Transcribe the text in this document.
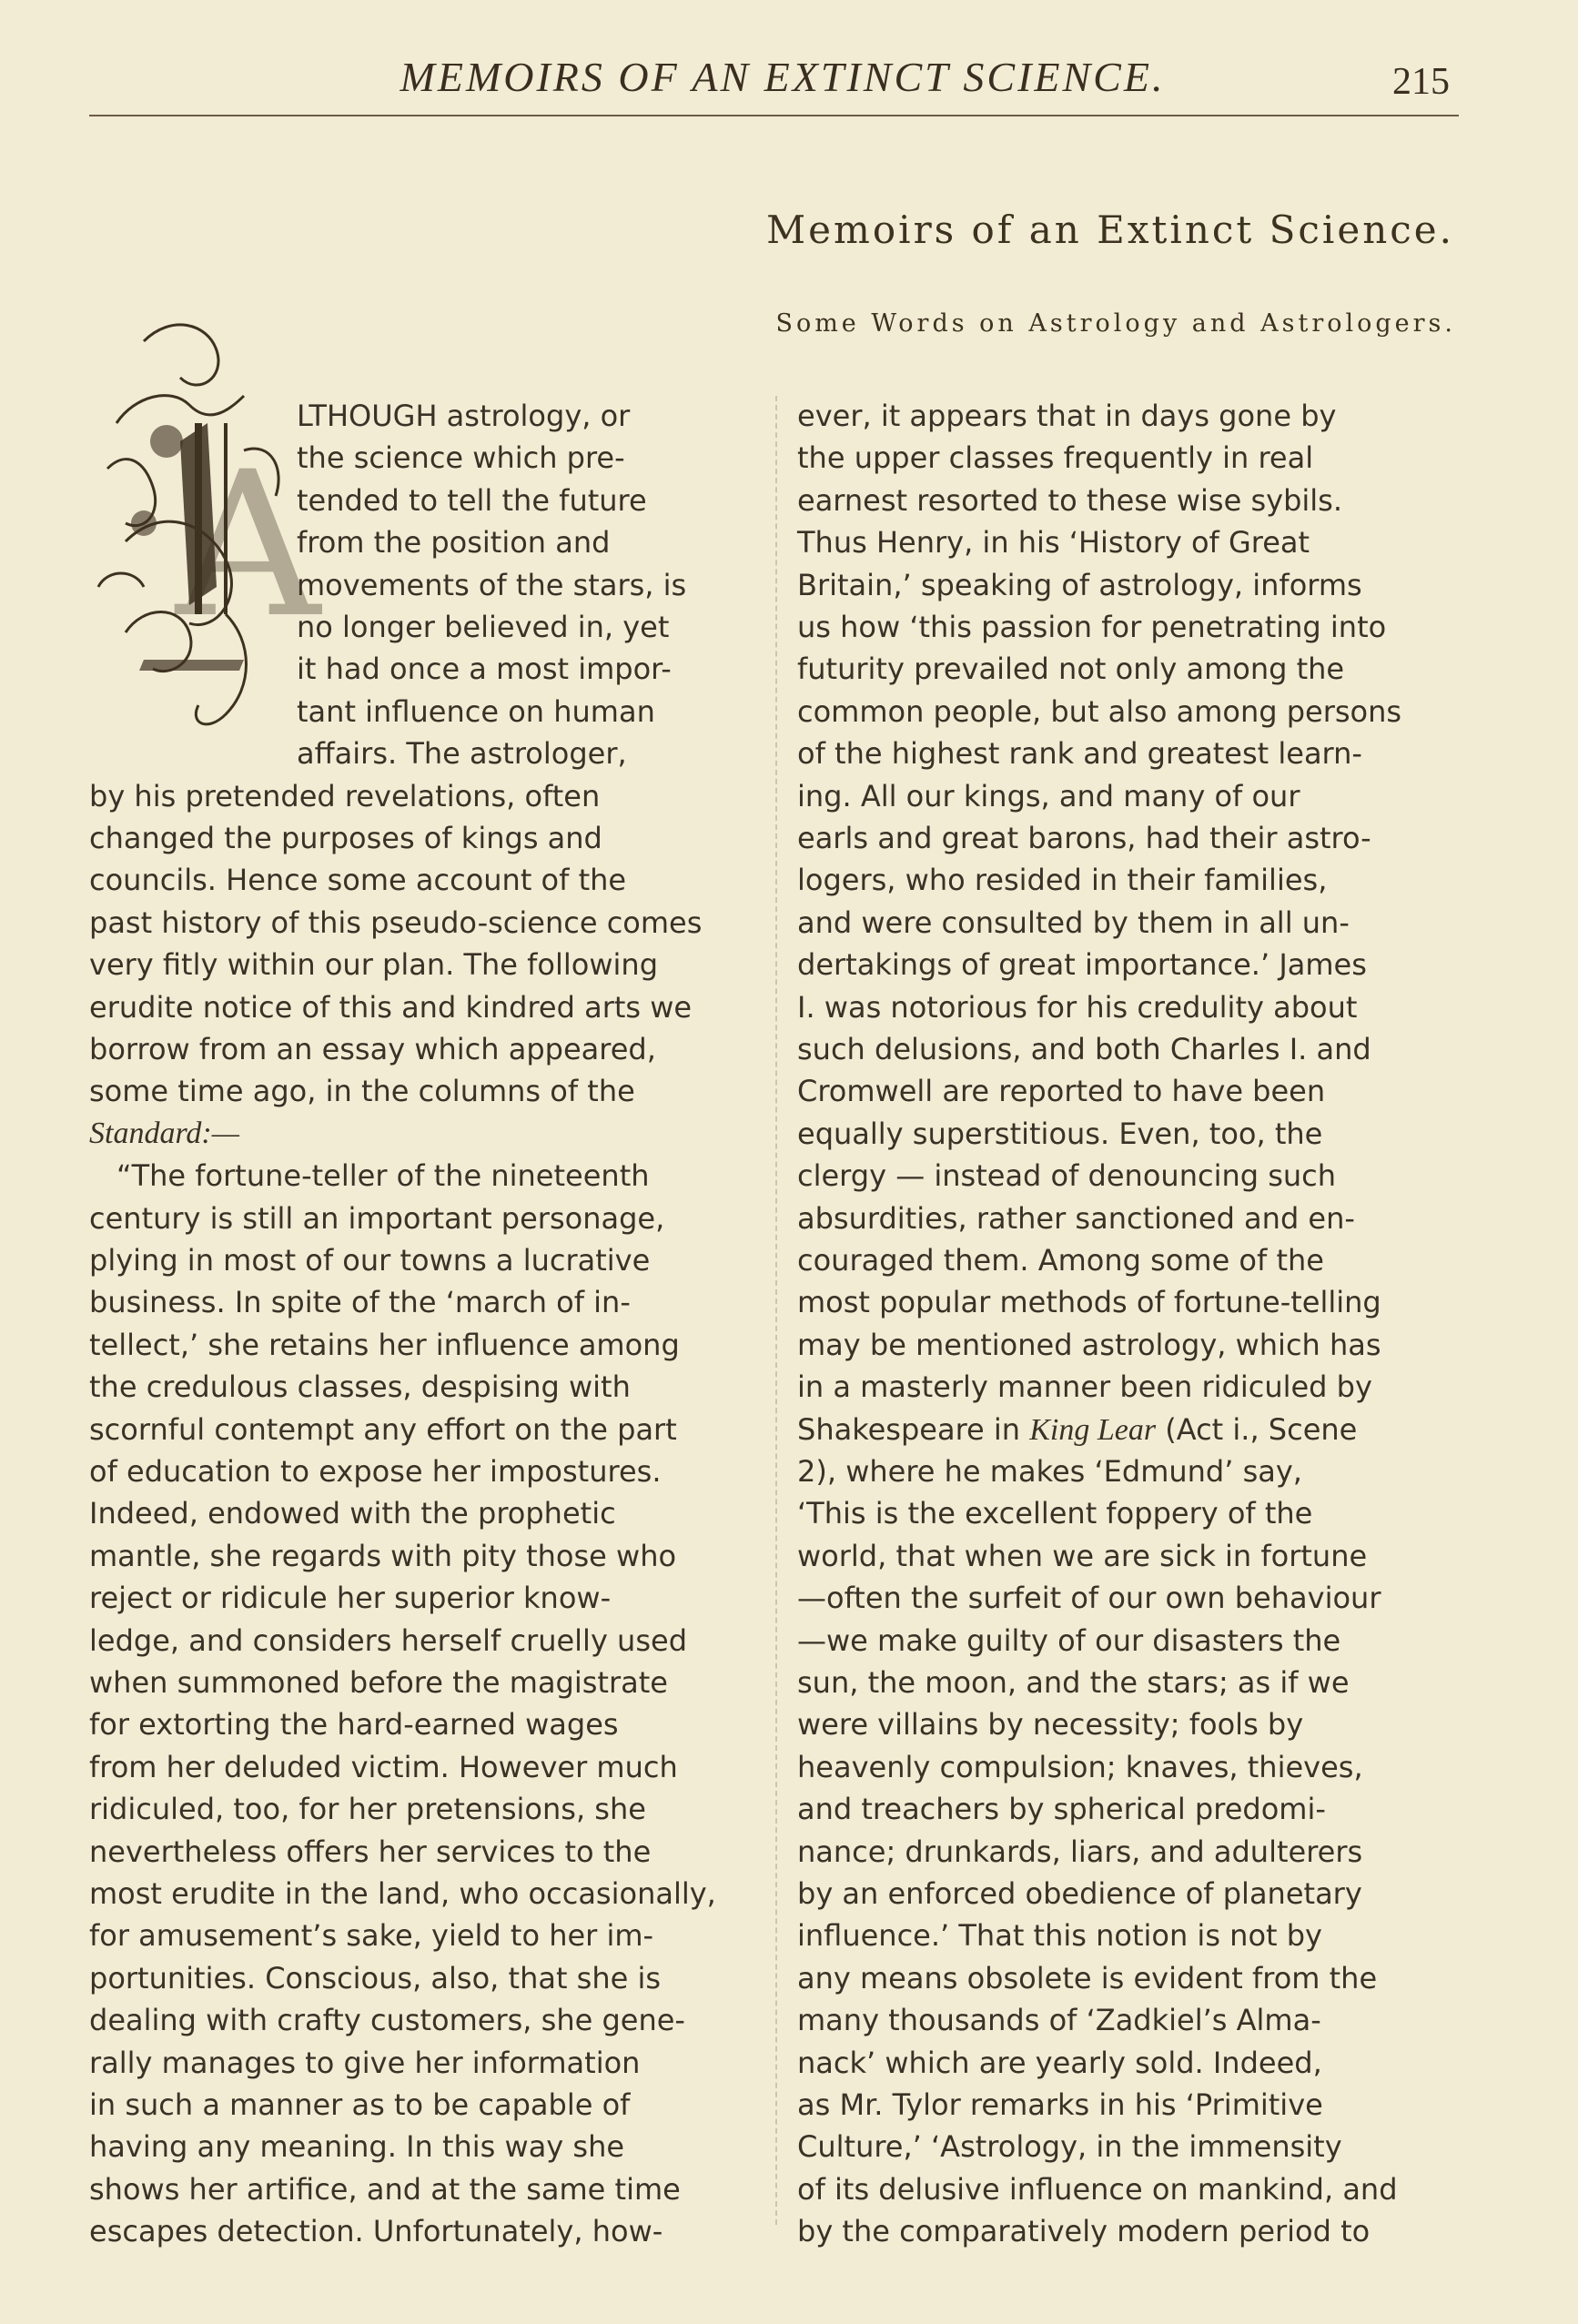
MEMOIRS OF AN EXTINCT SCIENCE.	215
Memoirs of an Extinct Science.
Some Words on Astrology and Astrologers.
A
LTHOUGH astrology, or
the science which pre-
tended to tell the future
from the position and
movements of the stars, is
no longer believed in, yet
it had once a most impor-
tant influence on human
affairs. The astrologer,
by his pretended revelations, often
changed the purposes of kings and
councils. Hence some account of the
past history of this pseudo-science comes
very fitly within our plan. The following
erudite notice of this and kindred arts we
borrow from an essay which appeared,
some time ago, in the columns of the
Standard:—
“The fortune-teller of the nineteenth
century is still an important personage,
plying in most of our towns a lucrative
business. In spite of the ‘march of in-
tellect,’ she retains her influence among
the credulous classes, despising with
scornful contempt any effort on the part
of education to expose her impostures.
Indeed, endowed with the prophetic
mantle, she regards with pity those who
reject or ridicule her superior know-
ledge, and considers herself cruelly used
when summoned before the magistrate
for extorting the hard-earned wages
from her deluded victim. However much
ridiculed, too, for her pretensions, she
nevertheless offers her services to the
most erudite in the land, who occasionally,
for amusement’s sake, yield to her im-
portunities. Conscious, also, that she is
dealing with crafty customers, she gene-
rally manages to give her information
in such a manner as to be capable of
having any meaning. In this way she
shows her artifice, and at the same time
escapes detection. Unfortunately, how-
ever, it appears that in days gone by
the upper classes frequently in real
earnest resorted to these wise sybils.
Thus Henry, in his ‘History of Great
Britain,’ speaking of astrology, informs
us how ‘this passion for penetrating into
futurity prevailed not only among the
common people, but also among persons
of the highest rank and greatest learn-
ing. All our kings, and many of our
earls and great barons, had their astro-
logers, who resided in their families,
and were consulted by them in all un-
dertakings of great importance.’ James
I. was notorious for his credulity about
such delusions, and both Charles I. and
Cromwell are reported to have been
equally superstitious. Even, too, the
clergy — instead of denouncing such
absurdities, rather sanctioned and en-
couraged them. Among some of the
most popular methods of fortune-telling
may be mentioned astrology, which has
in a masterly manner been ridiculed by
Shakespeare in King Lear (Act i., Scene
2), where he makes ‘Edmund’ say,
‘This is the excellent foppery of the
world, that when we are sick in fortune
—often the surfeit of our own behaviour
—we make guilty of our disasters the
sun, the moon, and the stars; as if we
were villains by necessity; fools by
heavenly compulsion; knaves, thieves,
and treachers by spherical predomi-
nance; drunkards, liars, and adulterers
by an enforced obedience of planetary
influence.’ That this notion is not by
any means obsolete is evident from the
many thousands of ‘Zadkiel’s Alma-
nack’ which are yearly sold. Indeed,
as Mr. Tylor remarks in his ‘Primitive
Culture,’ ‘Astrology, in the immensity
of its delusive influence on mankind, and
by the comparatively modern period to
